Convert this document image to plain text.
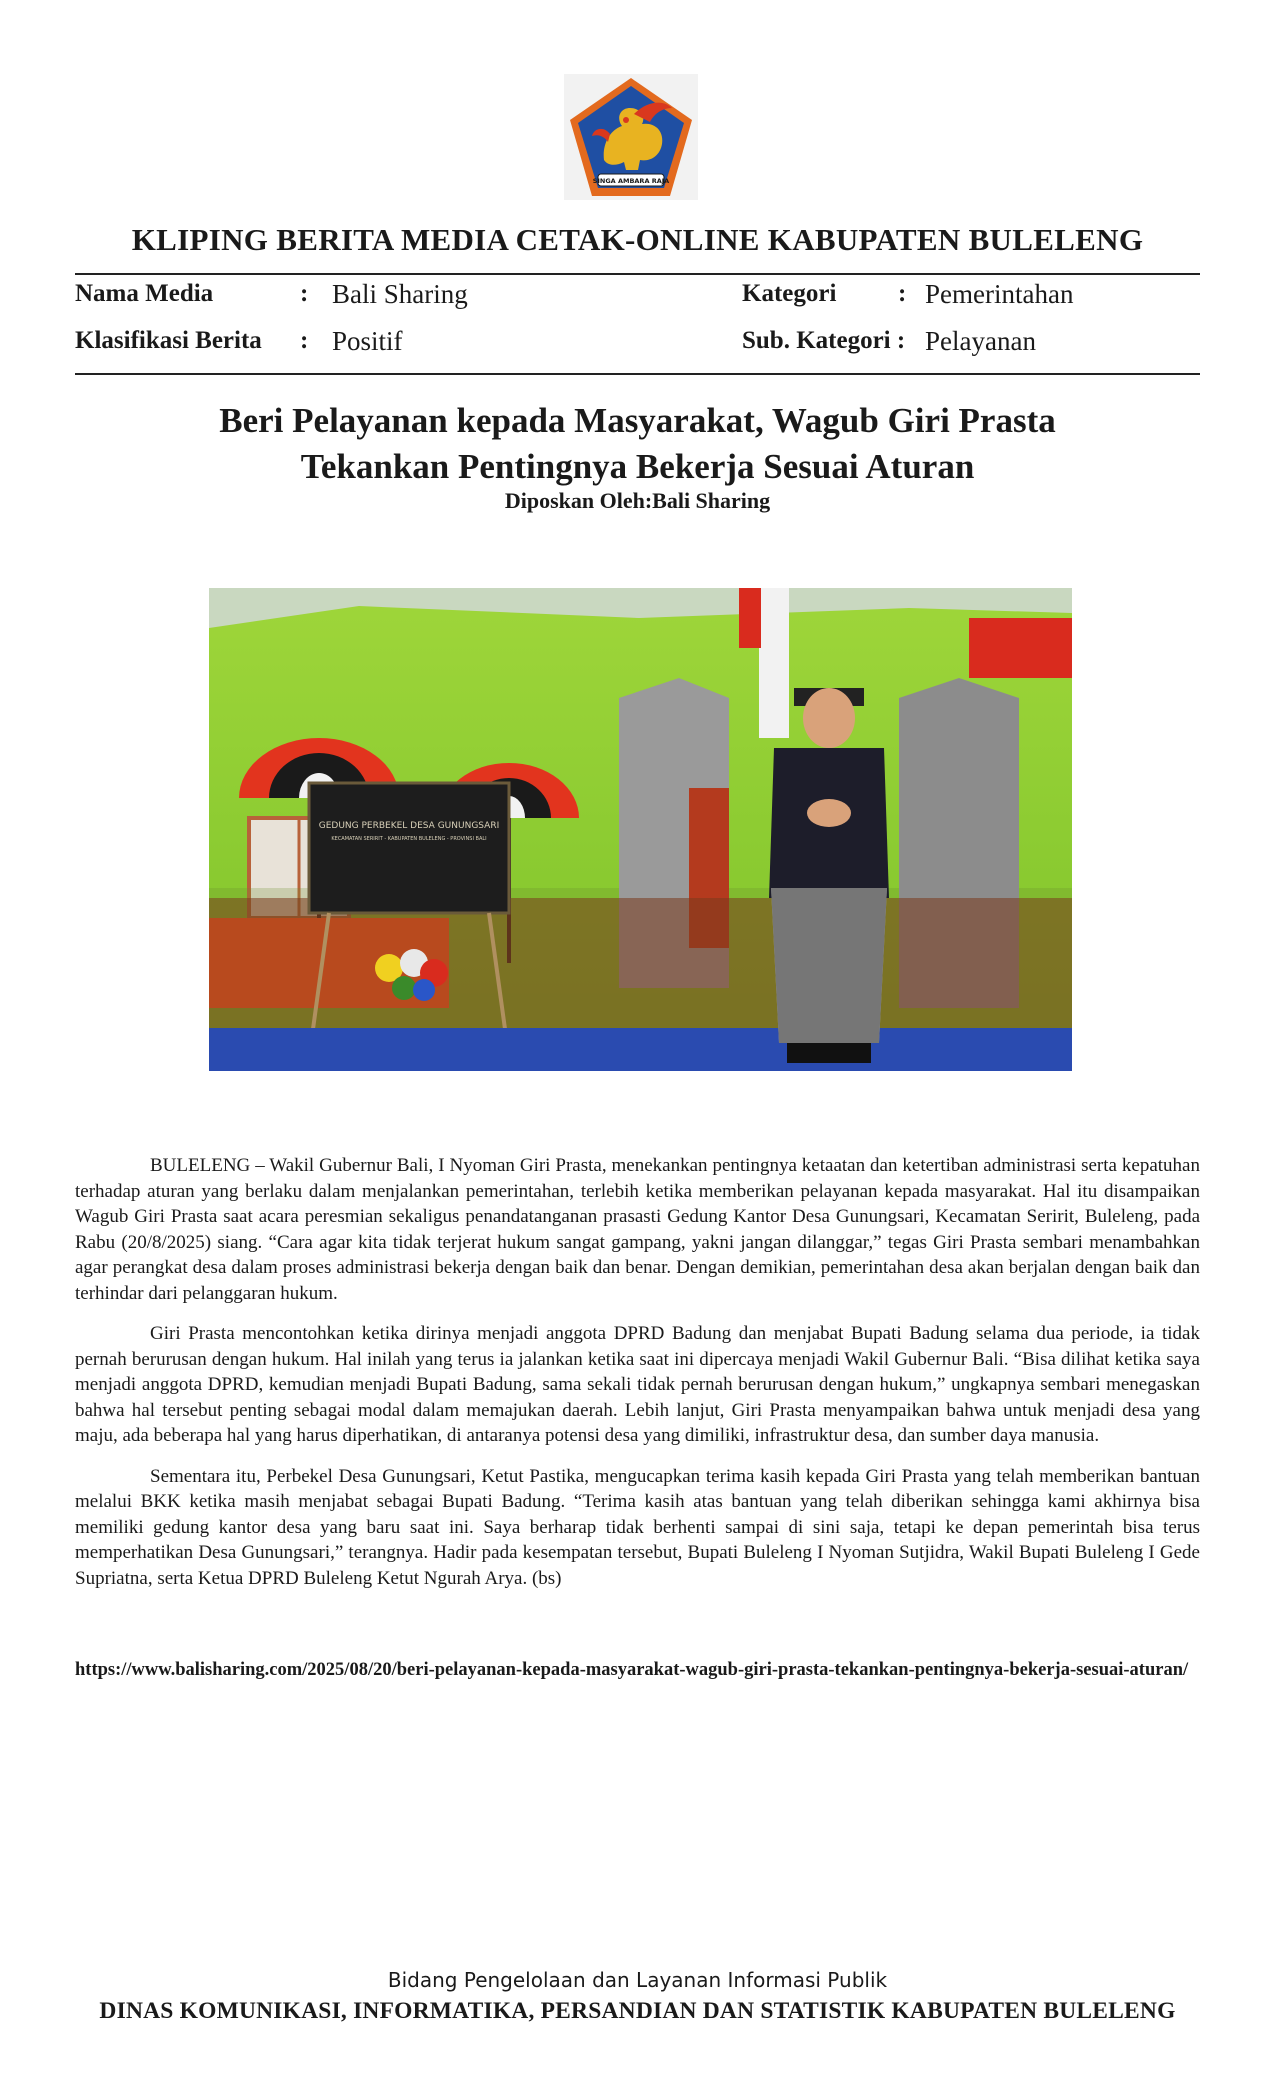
SINGA AMBARA RAJA
KLIPING BERITA MEDIA CETAK-ONLINE KABUPATEN BULELENG
Nama Media	: Bali Sharing	Kategori : Pemerintahan
Klasifikasi Berita : Positif	Sub. Kategori : Pelayanan
Beri Pelayanan kepada Masyarakat, Wagub Giri Prasta
Tekankan Pentingnya Bekerja Sesuai Aturan
Diposkan Oleh:Bali Sharing
GEDUNG PERBEKEL DESA GUNUNGSARI
KECAMATAN SERIRIT - KABUPATEN BULELENG - PROVINSI BALI

BULELENG – Wakil Gubernur Bali, I Nyoman Giri Prasta, menekankan pentingnya ketaatan dan ketertiban administrasi serta kepatuhan terhadap aturan yang berlaku dalam menjalankan pemerintahan, terlebih ketika memberikan pelayanan kepada masyarakat. Hal itu disampaikan Wagub Giri Prasta saat acara peresmian sekaligus penandatanganan prasasti Gedung Kantor Desa Gunungsari, Kecamatan Seririt, Buleleng, pada Rabu (20/8/2025) siang. “Cara agar kita tidak terjerat hukum sangat gampang, yakni jangan dilanggar,” tegas Giri Prasta sembari menambahkan agar perangkat desa dalam proses administrasi bekerja dengan baik dan benar. Dengan demikian, pemerintahan desa akan berjalan dengan baik dan terhindar dari pelanggaran hukum.

Giri Prasta mencontohkan ketika dirinya menjadi anggota DPRD Badung dan menjabat Bupati Badung selama dua periode, ia tidak pernah berurusan dengan hukum. Hal inilah yang terus ia jalankan ketika saat ini dipercaya menjadi Wakil Gubernur Bali. “Bisa dilihat ketika saya menjadi anggota DPRD, kemudian menjadi Bupati Badung, sama sekali tidak pernah berurusan dengan hukum,” ungkapnya sembari menegaskan bahwa hal tersebut penting sebagai modal dalam memajukan daerah. Lebih lanjut, Giri Prasta menyampaikan bahwa untuk menjadi desa yang maju, ada beberapa hal yang harus diperhatikan, di antaranya potensi desa yang dimiliki, infrastruktur desa, dan sumber daya manusia.

Sementara itu, Perbekel Desa Gunungsari, Ketut Pastika, mengucapkan terima kasih kepada Giri Prasta yang telah memberikan bantuan melalui BKK ketika masih menjabat sebagai Bupati Badung. “Terima kasih atas bantuan yang telah diberikan sehingga kami akhirnya bisa memiliki gedung kantor desa yang baru saat ini. Saya berharap tidak berhenti sampai di sini saja, tetapi ke depan pemerintah bisa terus memperhatikan Desa Gunungsari,” terangnya. Hadir pada kesempatan tersebut, Bupati Buleleng I Nyoman Sutjidra, Wakil Bupati Buleleng I Gede Supriatna, serta Ketua DPRD Buleleng Ketut Ngurah Arya. (bs)

https://www.balisharing.com/2025/08/20/beri-pelayanan-kepada-masyarakat-wagub-giri-prasta-tekankan-pentingnya-bekerja-sesuai-aturan/
Bidang Pengelolaan dan Layanan Informasi Publik
DINAS KOMUNIKASI, INFORMATIKA, PERSANDIAN DAN STATISTIK KABUPATEN BULELENG
